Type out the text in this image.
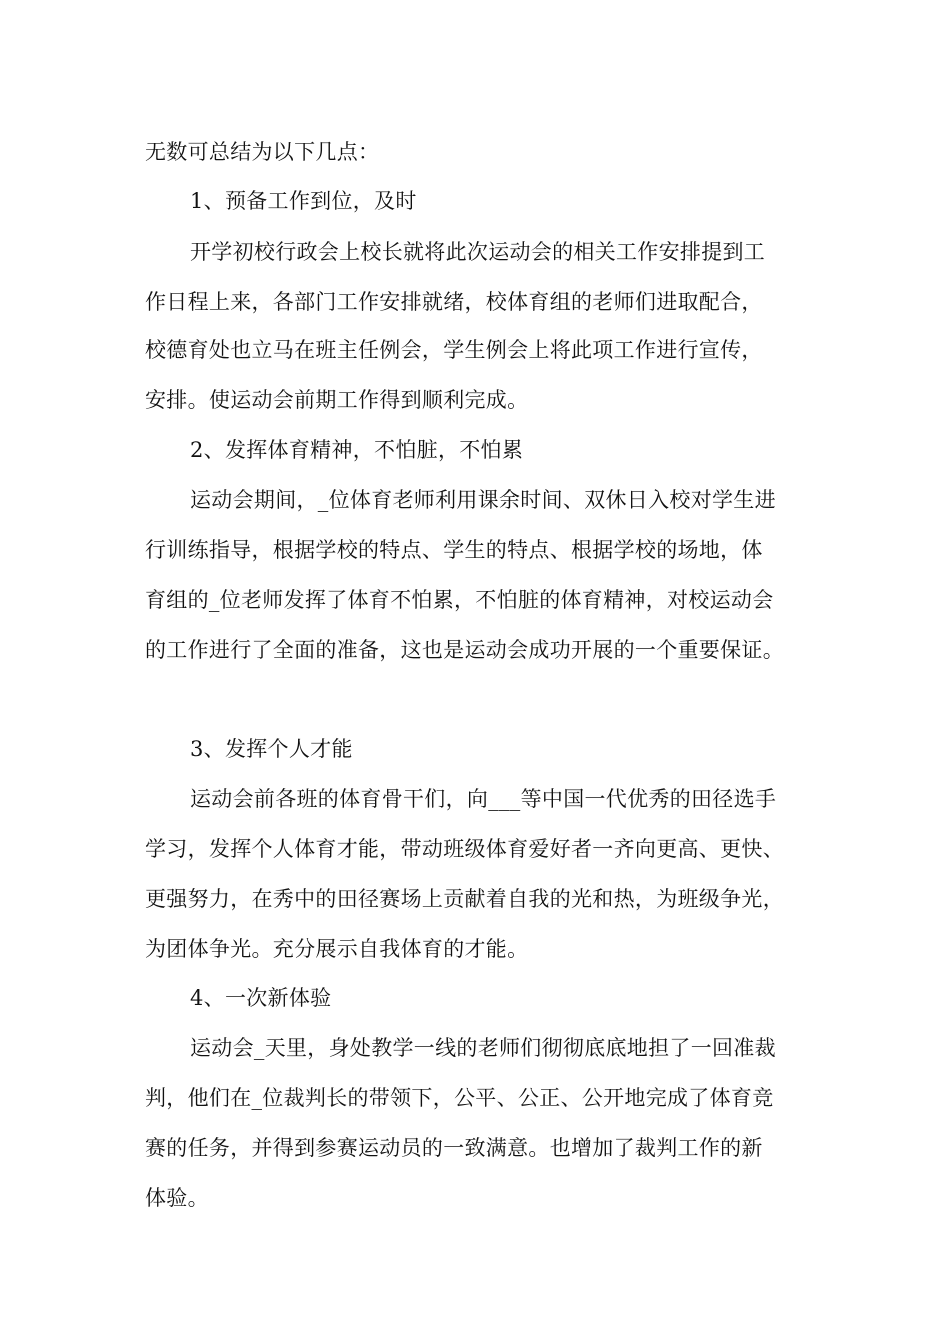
无数可总结为以下几点：
1、预备工作到位，及时
开学初校行政会上校长就将此次运动会的相关工作安排提到工
作日程上来，各部门工作安排就绪，校体育组的老师们进取配合，
校德育处也立马在班主任例会，学生例会上将此项工作进行宣传，
安排。使运动会前期工作得到顺利完成。
2、发挥体育精神，不怕脏，不怕累
运动会期间，_位体育老师利用课余时间、双休日入校对学生进
行训练指导，根据学校的特点、学生的特点、根据学校的场地，体
育组的_位老师发挥了体育不怕累，不怕脏的体育精神，对校运动会
的工作进行了全面的准备，这也是运动会成功开展的一个重要保证。
3、发挥个人才能
运动会前各班的体育骨干们，向___等中国一代优秀的田径选手
学习，发挥个人体育才能，带动班级体育爱好者一齐向更高、更快、
更强努力，在秀中的田径赛场上贡献着自我的光和热，为班级争光，
为团体争光。充分展示自我体育的才能。
4、一次新体验
运动会_天里，身处教学一线的老师们彻彻底底地担了一回准裁
判，他们在_位裁判长的带领下，公平、公正、公开地完成了体育竞
赛的任务，并得到参赛运动员的一致满意。也增加了裁判工作的新
体验。
